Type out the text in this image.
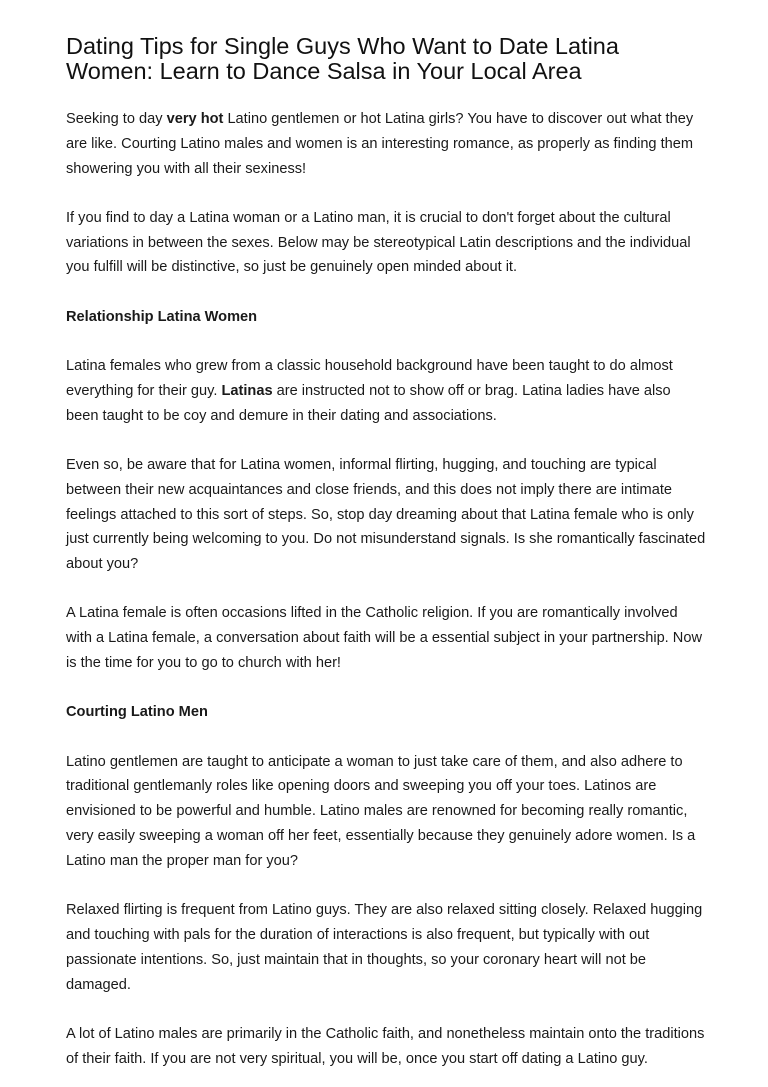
Dating Tips for Single Guys Who Want to Date Latina Women: Learn to Dance Salsa in Your Local Area

Seeking to day very hot Latino gentlemen or hot Latina girls? You have to discover out what they are like. Courting Latino males and women is an interesting romance, as properly as finding them showering you with all their sexiness!

If you find to day a Latina woman or a Latino man, it is crucial to don't forget about the cultural variations in between the sexes. Below may be stereotypical Latin descriptions and the individual you fulfill will be distinctive, so just be genuinely open minded about it.

Relationship Latina Women

Latina females who grew from a classic household background have been taught to do almost everything for their guy. Latinas are instructed not to show off or brag. Latina ladies have also been taught to be coy and demure in their dating and associations.

Even so, be aware that for Latina women, informal flirting, hugging, and touching are typical between their new acquaintances and close friends, and this does not imply there are intimate feelings attached to this sort of steps. So, stop day dreaming about that Latina female who is only just currently being welcoming to you. Do not misunderstand signals. Is she romantically fascinated about you?

A Latina female is often occasions lifted in the Catholic religion. If you are romantically involved with a Latina female, a conversation about faith will be a essential subject in your partnership. Now is the time for you to go to church with her!

Courting Latino Men

Latino gentlemen are taught to anticipate a woman to just take care of them, and also adhere to traditional gentlemanly roles like opening doors and sweeping you off your toes. Latinos are envisioned to be powerful and humble. Latino males are renowned for becoming really romantic, very easily sweeping a woman off her feet, essentially because they genuinely adore women. Is a Latino man the proper man for you?

Relaxed flirting is frequent from Latino guys. They are also relaxed sitting closely. Relaxed hugging and touching with pals for the duration of interactions is also frequent, but typically with out passionate intentions. So, just maintain that in thoughts, so your coronary heart will not be damaged.

A lot of Latino males are primarily in the Catholic faith, and nonetheless maintain onto the traditions of their faith. If you are not very spiritual, you will be, once you start off dating a Latino guy.
